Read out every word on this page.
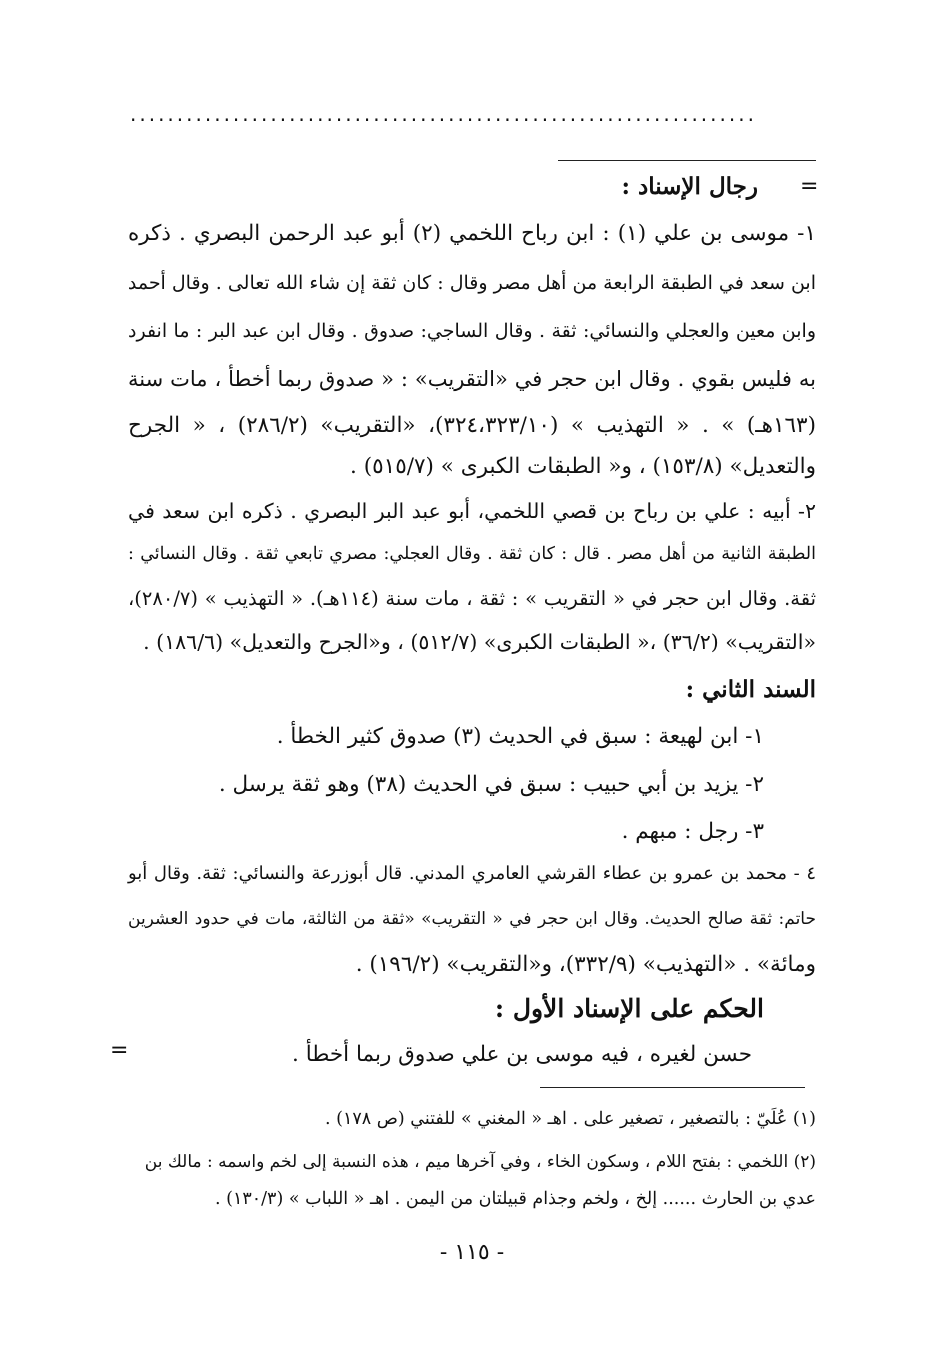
...................................................................
=
رجال الإسناد :
١- موسى بن علي (١) : ابن رباح اللخمي (٢) أبو عبد الرحمن البصري . ذكره
ابن سعد في الطبقة الرابعة من أهل مصر وقال : كان ثقة إن شاء الله تعالى . وقال أحمد
وابن معين والعجلي والنسائي: ثقة . وقال الساجي: صدوق . وقال ابن عبد البر : ما انفرد
به فليس بقوي . وقال ابن حجر في «التقريب» : « صدوق ربما أخطأ ، مات سنة
(١٦٣هـ) » . « التهذيب » (٣٢٤،٣٢٣/١٠)، «التقريب» (٢٨٦/٢) ، « الجرح
والتعديل» (١٥٣/٨) ، و« الطبقات الكبرى » (٥١٥/٧) .
٢- أبيه : علي بن رباح بن قصي اللخمي، أبو عبد البر البصري . ذكره ابن سعد في
الطبقة الثانية من أهل مصر . قال : كان ثقة . وقال العجلي: مصري تابعي ثقة . وقال النسائي :
ثقة. وقال ابن حجر في « التقريب » : ثقة ، مات سنة (١١٤هـ). « التهذيب » (٢٨٠/٧)،
«التقريب» (٣٦/٢) ،« الطبقات الكبرى» (٥١٢/٧) ، و«الجرح والتعديل» (١٨٦/٦) .
السند الثاني :
١- ابن لهيعة : سبق في الحديث (٣) صدوق كثير الخطأ .
٢- يزيد بن أبي حبيب : سبق في الحديث (٣٨) وهو ثقة يرسل .
٣- رجل : مبهم .
٤ - محمد بن عمرو بن عطاء القرشي العامري المدني. قال أبوزرعة والنسائي: ثقة. وقال أبو
حاتم: ثقة صالح الحديث. وقال ابن حجر في « التقريب» «ثقة من الثالثة، مات في حدود العشرين
ومائة» . «التهذيب» (٣٣٢/٩)، و«التقريب» (١٩٦/٢) .
الحكم على الإسناد الأول :
حسن لغيره ، فيه موسى بن علي صدوق ربما أخطأ .
=
(١) عُلَيّ : بالتصغير ، تصغير على . اهـ « المغني » للفتني (ص ١٧٨) .
(٢) اللخمي : بفتح اللام ، وسكون الخاء ، وفي آخرها ميم ، هذه النسبة إلى لخم واسمه : مالك بن
عدي بن الحارث ...... إلخ ، ولخم وجذام قبيلتان من اليمن . اهـ « اللباب » (١٣٠/٣) .
- ١١٥ -
